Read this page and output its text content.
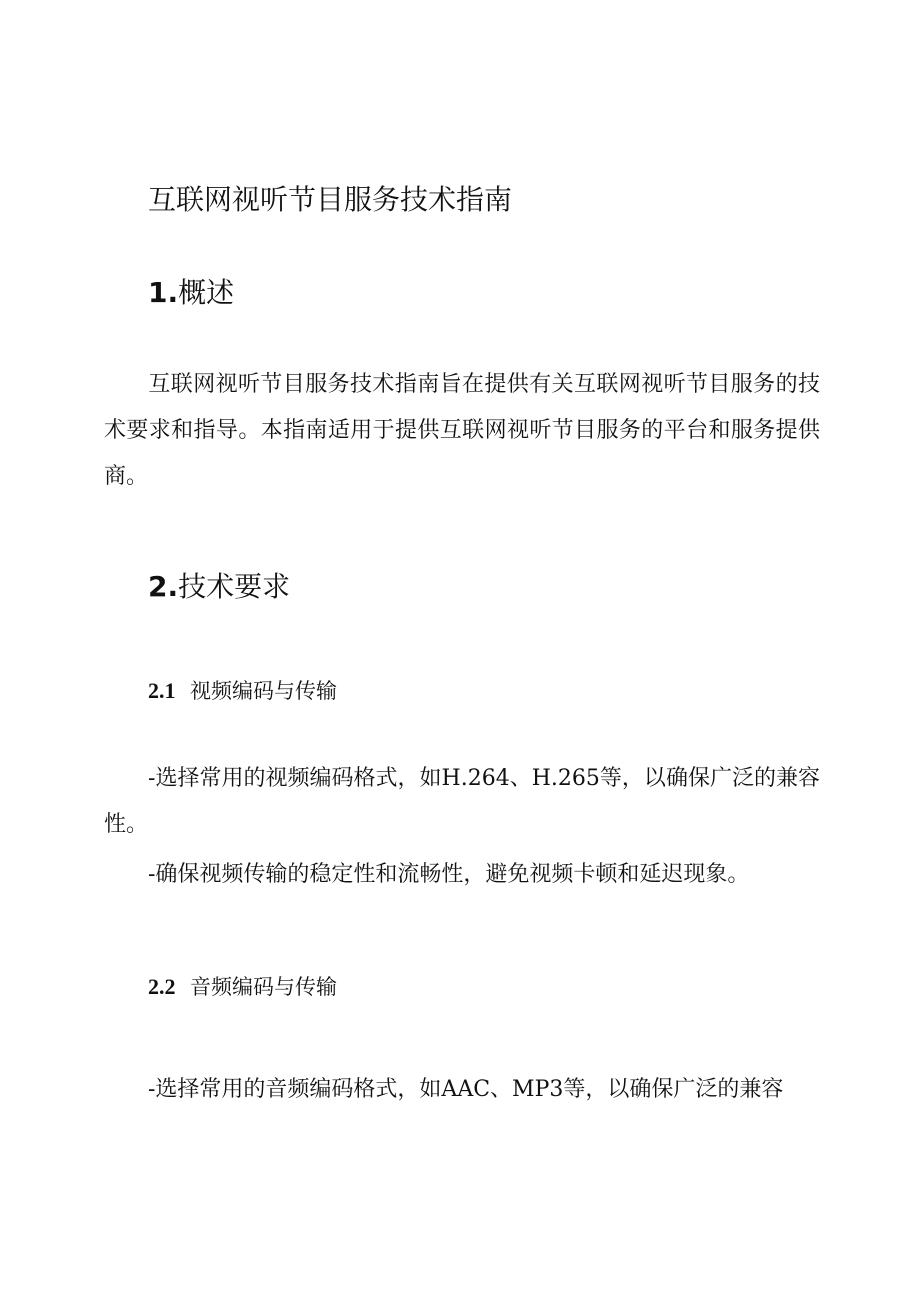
互联网视听节目服务技术指南
1.概述
互联网视听节目服务技术指南旨在提供有关互联网视听节目服务的技术要求和指导。本指南适用于提供互联网视听节目服务的平台和服务提供商。
2.技术要求
2.1 视频编码与传输
-选择常用的视频编码格式，如H.264、H.265等，以确保广泛的兼容性。
-确保视频传输的稳定性和流畅性，避免视频卡顿和延迟现象。
2.2 音频编码与传输
-选择常用的音频编码格式，如AAC、MP3等，以确保广泛的兼容
